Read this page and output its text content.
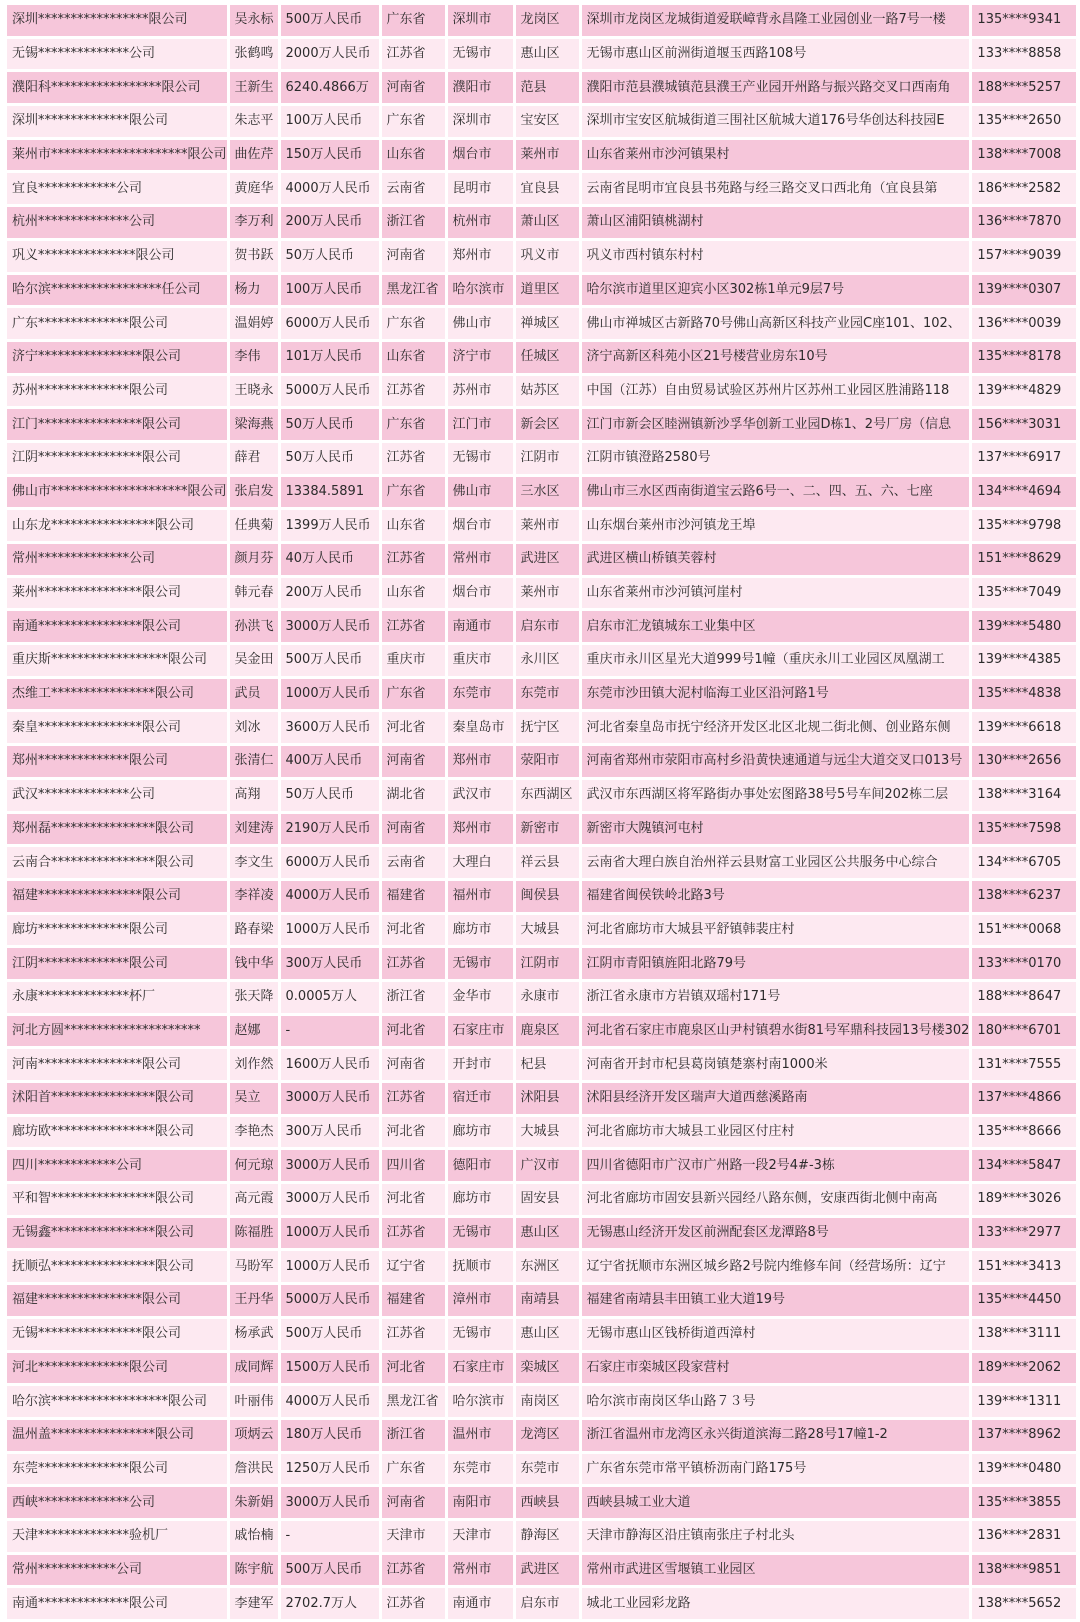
深圳*****************限公司	吴永标	500万人民币	广东省	深圳市	龙岗区	深圳市龙岗区龙城街道爱联嶂背永昌隆工业园创业一路7号一楼	135****9341
无锡**************公司	张鹤鸣	2000万人民币	江苏省	无锡市	惠山区	无锡市惠山区前洲街道堰玉西路108号	133****8858
濮阳科*****************限公司	王新生	6240.4866万	河南省	濮阳市	范县	濮阳市范县濮城镇范县濮王产业园开州路与振兴路交叉口西南角	188****5257
深圳**************限公司	朱志平	100万人民币	广东省	深圳市	宝安区	深圳市宝安区航城街道三围社区航城大道176号华创达科技园E	135****2650
莱州市*********************限公司	曲佐芹	150万人民币	山东省	烟台市	莱州市	山东省莱州市沙河镇果村	138****7008
宜良************公司	黄庭华	4000万人民币	云南省	昆明市	宜良县	云南省昆明市宜良县书苑路与经三路交叉口西北角（宜良县第	186****2582
杭州**************公司	李万利	200万人民币	浙江省	杭州市	萧山区	萧山区浦阳镇桃湖村	136****7870
巩义***************限公司	贺书跃	50万人民币	河南省	郑州市	巩义市	巩义市西村镇东村村	157****9039
哈尔滨*****************任公司	杨力	100万人民币	黑龙江省	哈尔滨市	道里区	哈尔滨市道里区迎宾小区302栋1单元9层7号	139****0307
广东**************限公司	温娟婷	6000万人民币	广东省	佛山市	禅城区	佛山市禅城区古新路70号佛山高新区科技产业园C座101、102、	136****0039
济宁****************限公司	李伟	101万人民币	山东省	济宁市	任城区	济宁高新区科苑小区21号楼营业房东10号	135****8178
苏州**************限公司	王晓永	5000万人民币	江苏省	苏州市	姑苏区	中国（江苏）自由贸易试验区苏州片区苏州工业园区胜浦路118	139****4829
江门****************限公司	梁海燕	50万人民币	广东省	江门市	新会区	江门市新会区睦洲镇新沙孚华创新工业园D栋1、2号厂房（信息	156****3031
江阴****************限公司	薛君	50万人民币	江苏省	无锡市	江阴市	江阴市镇澄路2580号	137****6917
佛山市*********************限公司	张启发	13384.5891	广东省	佛山市	三水区	佛山市三水区西南街道宝云路6号一、二、四、五、六、七座	134****4694
山东龙****************限公司	任典菊	1399万人民币	山东省	烟台市	莱州市	山东烟台莱州市沙河镇龙王埠	135****9798
常州**************公司	颜月芬	40万人民币	江苏省	常州市	武进区	武进区横山桥镇芙蓉村	151****8629
莱州****************限公司	韩元春	200万人民币	山东省	烟台市	莱州市	山东省莱州市沙河镇河崖村	135****7049
南通****************限公司	孙洪飞	3000万人民币	江苏省	南通市	启东市	启东市汇龙镇城东工业集中区	139****5480
重庆斯******************限公司	吴金田	500万人民币	重庆市	重庆市	永川区	重庆市永川区星光大道999号1幢（重庆永川工业园区凤凰湖工	139****4385
杰维工****************限公司	武员	1000万人民币	广东省	东莞市	东莞市	东莞市沙田镇大泥村临海工业区沿河路1号	135****4838
秦皇****************限公司	刘冰	3600万人民币	河北省	秦皇岛市	抚宁区	河北省秦皇岛市抚宁经济开发区北区北规二街北侧、创业路东侧	139****6618
郑州**************限公司	张清仁	400万人民币	河南省	郑州市	荥阳市	河南省郑州市荥阳市高村乡沿黄快速通道与远尘大道交叉口013号	130****2656
武汉**************公司	高翔	50万人民币	湖北省	武汉市	东西湖区	武汉市东西湖区将军路街办事处宏图路38号5号车间202栋二层	138****3164
郑州磊****************限公司	刘建涛	2190万人民币	河南省	郑州市	新密市	新密市大隗镇河屯村	135****7598
云南合****************限公司	李文生	6000万人民币	云南省	大理白	祥云县	云南省大理白族自治州祥云县财富工业园区公共服务中心综合	134****6705
福建****************限公司	李祥凌	4000万人民币	福建省	福州市	闽侯县	福建省闽侯铁岭北路3号	138****6237
廊坊**************限公司	路春梁	1000万人民币	河北省	廊坊市	大城县	河北省廊坊市大城县平舒镇韩裴庄村	151****0068
江阴**************限公司	钱中华	300万人民币	江苏省	无锡市	江阴市	江阴市青阳镇旌阳北路79号	133****0170
永康**************杯厂	张天降	0.0005万人	浙江省	金华市	永康市	浙江省永康市方岩镇双瑶村171号	188****8647
河北方圆*********************	赵娜	-	河北省	石家庄市	鹿泉区	河北省石家庄市鹿泉区山尹村镇碧水街81号军鼎科技园13号楼302	180****6701
河南****************限公司	刘作然	1600万人民币	河南省	开封市	杞县	河南省开封市杞县葛岗镇楚寨村南1000米	131****7555
沭阳首****************限公司	吴立	3000万人民币	江苏省	宿迁市	沭阳县	沭阳县经济开发区瑞声大道西慈溪路南	137****4866
廊坊欧****************限公司	李艳杰	300万人民币	河北省	廊坊市	大城县	河北省廊坊市大城县工业园区付庄村	135****8666
四川************公司	何元琼	3000万人民币	四川省	德阳市	广汉市	四川省德阳市广汉市广州路一段2号4#-3栋	134****5847
平和智****************限公司	高元霞	3000万人民币	河北省	廊坊市	固安县	河北省廊坊市固安县新兴园经八路东侧，安康西街北侧中南高	189****3026
无锡鑫****************限公司	陈福胜	1000万人民币	江苏省	无锡市	惠山区	无锡惠山经济开发区前洲配套区龙潭路8号	133****2977
抚顺弘****************限公司	马盼军	1000万人民币	辽宁省	抚顺市	东洲区	辽宁省抚顺市东洲区城乡路2号院内维修车间（经营场所：辽宁	151****3413
福建****************限公司	王丹华	5000万人民币	福建省	漳州市	南靖县	福建省南靖县丰田镇工业大道19号	135****4450
无锡****************限公司	杨承武	500万人民币	江苏省	无锡市	惠山区	无锡市惠山区钱桥街道西漳村	138****3111
河北**************限公司	成同辉	1500万人民币	河北省	石家庄市	栾城区	石家庄市栾城区段家营村	189****2062
哈尔滨******************限公司	叶丽伟	4000万人民币	黑龙江省	哈尔滨市	南岗区	哈尔滨市南岗区华山路７３号	139****1311
温州盖****************限公司	项炳云	180万人民币	浙江省	温州市	龙湾区	浙江省温州市龙湾区永兴街道滨海二路28号17幢1-2	137****8962
东莞**************限公司	詹洪民	1250万人民币	广东省	东莞市	东莞市	广东省东莞市常平镇桥沥南门路175号	139****0480
西峡**************公司	朱新娟	3000万人民币	河南省	南阳市	西峡县	西峡县城工业大道	135****3855
天津**************验机厂	戚怡楠	-	天津市	天津市	静海区	天津市静海区沿庄镇南张庄子村北头	136****2831
常州************公司	陈宇航	500万人民币	江苏省	常州市	武进区	常州市武进区雪堰镇工业园区	138****9851
南通**************限公司	李建军	2702.7万人	江苏省	南通市	启东市	城北工业园彩龙路	138****5652
